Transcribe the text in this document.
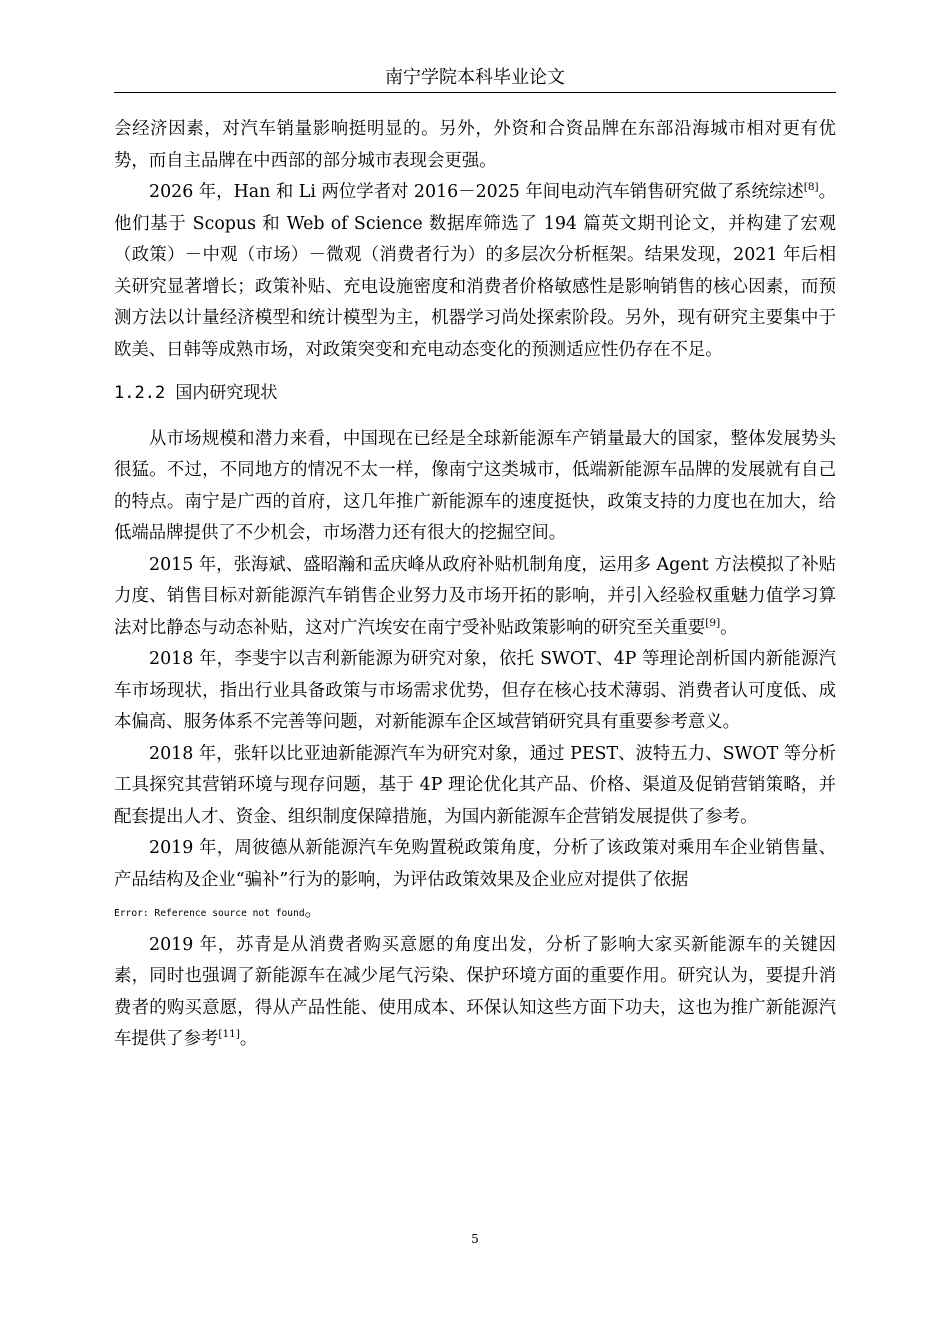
南宁学院本科毕业论文

会经济因素，对汽车销量影响挺明显的。另外，外资和合资品牌在东部沿海城市相对更有优势，而自主品牌在中西部的部分城市表现会更强。

2026 年，Han 和 Li 两位学者对 2016－2025 年间电动汽车销售研究做了系统综述[8]。他们基于 Scopus 和 Web of Science 数据库筛选了 194 篇英文期刊论文，并构建了宏观（政策）－中观（市场）－微观（消费者行为）的多层次分析框架。结果发现，2021 年后相关研究显著增长；政策补贴、充电设施密度和消费者价格敏感性是影响销售的核心因素，而预测方法以计量经济模型和统计模型为主，机器学习尚处探索阶段。另外，现有研究主要集中于欧美、日韩等成熟市场，对政策突变和充电动态变化的预测适应性仍存在不足。

1.2.2 国内研究现状

从市场规模和潜力来看，中国现在已经是全球新能源车产销量最大的国家，整体发展势头很猛。不过，不同地方的情况不太一样，像南宁这类城市，低端新能源车品牌的发展就有自己的特点。南宁是广西的首府，这几年推广新能源车的速度挺快，政策支持的力度也在加大，给低端品牌提供了不少机会，市场潜力还有很大的挖掘空间。

2015 年，张海斌、盛昭瀚和孟庆峰从政府补贴机制角度，运用多 Agent 方法模拟了补贴力度、销售目标对新能源汽车销售企业努力及市场开拓的影响，并引入经验权重魅力值学习算法对比静态与动态补贴，这对广汽埃安在南宁受补贴政策影响的研究至关重要[9]。

2018 年，李斐宇以吉利新能源为研究对象，依托 SWOT、4P 等理论剖析国内新能源汽车市场现状，指出行业具备政策与市场需求优势，但存在核心技术薄弱、消费者认可度低、成本偏高、服务体系不完善等问题，对新能源车企区域营销研究具有重要参考意义。

2018 年，张轩以比亚迪新能源汽车为研究对象，通过 PEST、波特五力、SWOT 等分析工具探究其营销环境与现存问题，基于 4P 理论优化其产品、价格、渠道及促销营销策略，并配套提出人才、资金、组织制度保障措施，为国内新能源车企营销发展提供了参考。

2019 年，周彼德从新能源汽车免购置税政策角度，分析了该政策对乘用车企业销售量、产品结构及企业“骗补”行为的影响，为评估政策效果及企业应对提供了依据
Error: Reference source not found。

2019 年，苏青是从消费者购买意愿的角度出发，分析了影响大家买新能源车的关键因素，同时也强调了新能源车在减少尾气污染、保护环境方面的重要作用。研究认为，要提升消费者的购买意愿，得从产品性能、使用成本、环保认知这些方面下功夫，这也为推广新能源汽车提供了参考[11]。

5
